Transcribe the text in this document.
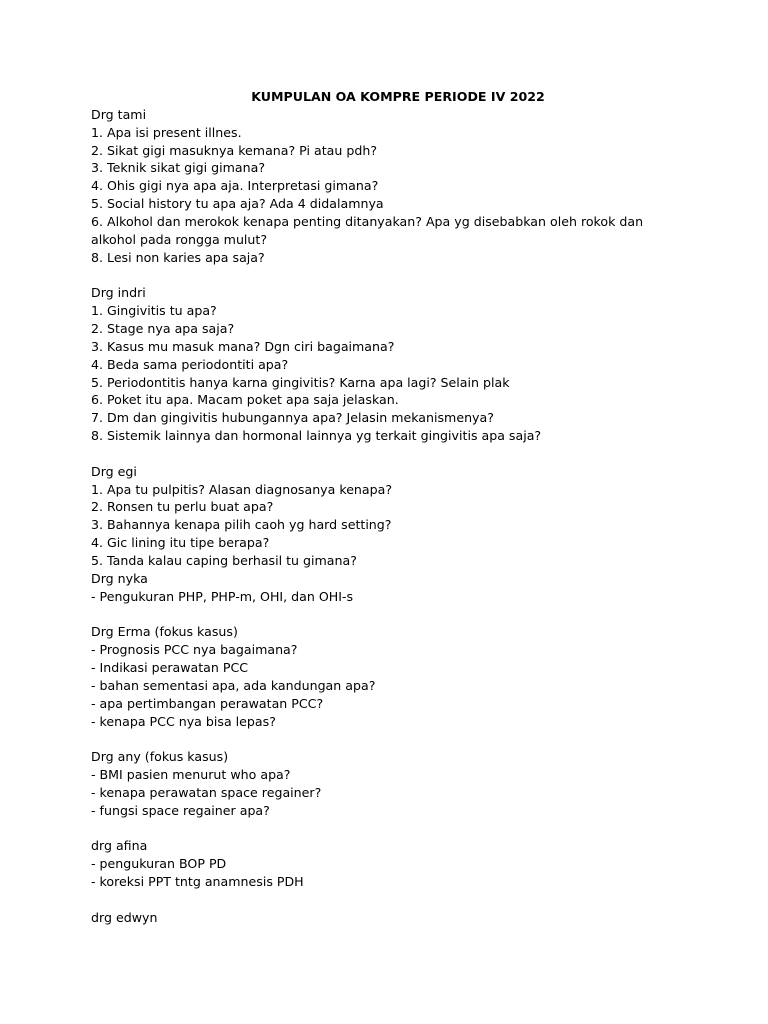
KUMPULAN OA KOMPRE PERIODE IV 2022
Drg tami
1. Apa isi present illnes.
2. Sikat gigi masuknya kemana? Pi atau pdh?
3. Teknik sikat gigi gimana?
4. Ohis gigi nya apa aja. Interpretasi gimana?
5. Social history tu apa aja? Ada 4 didalamnya
6. Alkohol dan merokok kenapa penting ditanyakan? Apa yg disebabkan oleh rokok dan
alkohol pada rongga mulut?
8. Lesi non karies apa saja?
Drg indri
1. Gingivitis tu apa?
2. Stage nya apa saja?
3. Kasus mu masuk mana? Dgn ciri bagaimana?
4. Beda sama periodontiti apa?
5. Periodontitis hanya karna gingivitis? Karna apa lagi? Selain plak
6. Poket itu apa. Macam poket apa saja jelaskan.
7. Dm dan gingivitis hubungannya apa? Jelasin mekanismenya?
8. Sistemik lainnya dan hormonal lainnya yg terkait gingivitis apa saja?
Drg egi
1. Apa tu pulpitis? Alasan diagnosanya kenapa?
2. Ronsen tu perlu buat apa?
3. Bahannya kenapa pilih caoh yg hard setting?
4. Gic lining itu tipe berapa?
5. Tanda kalau caping berhasil tu gimana?
Drg nyka
- Pengukuran PHP, PHP-m, OHI, dan OHI-s
Drg Erma (fokus kasus)
- Prognosis PCC nya bagaimana?
- Indikasi perawatan PCC
- bahan sementasi apa, ada kandungan apa?
- apa pertimbangan perawatan PCC?
- kenapa PCC nya bisa lepas?
Drg any (fokus kasus)
- BMI pasien menurut who apa?
- kenapa perawatan space regainer?
- fungsi space regainer apa?
drg afina
- pengukuran BOP PD
- koreksi PPT tntg anamnesis PDH
drg edwyn
